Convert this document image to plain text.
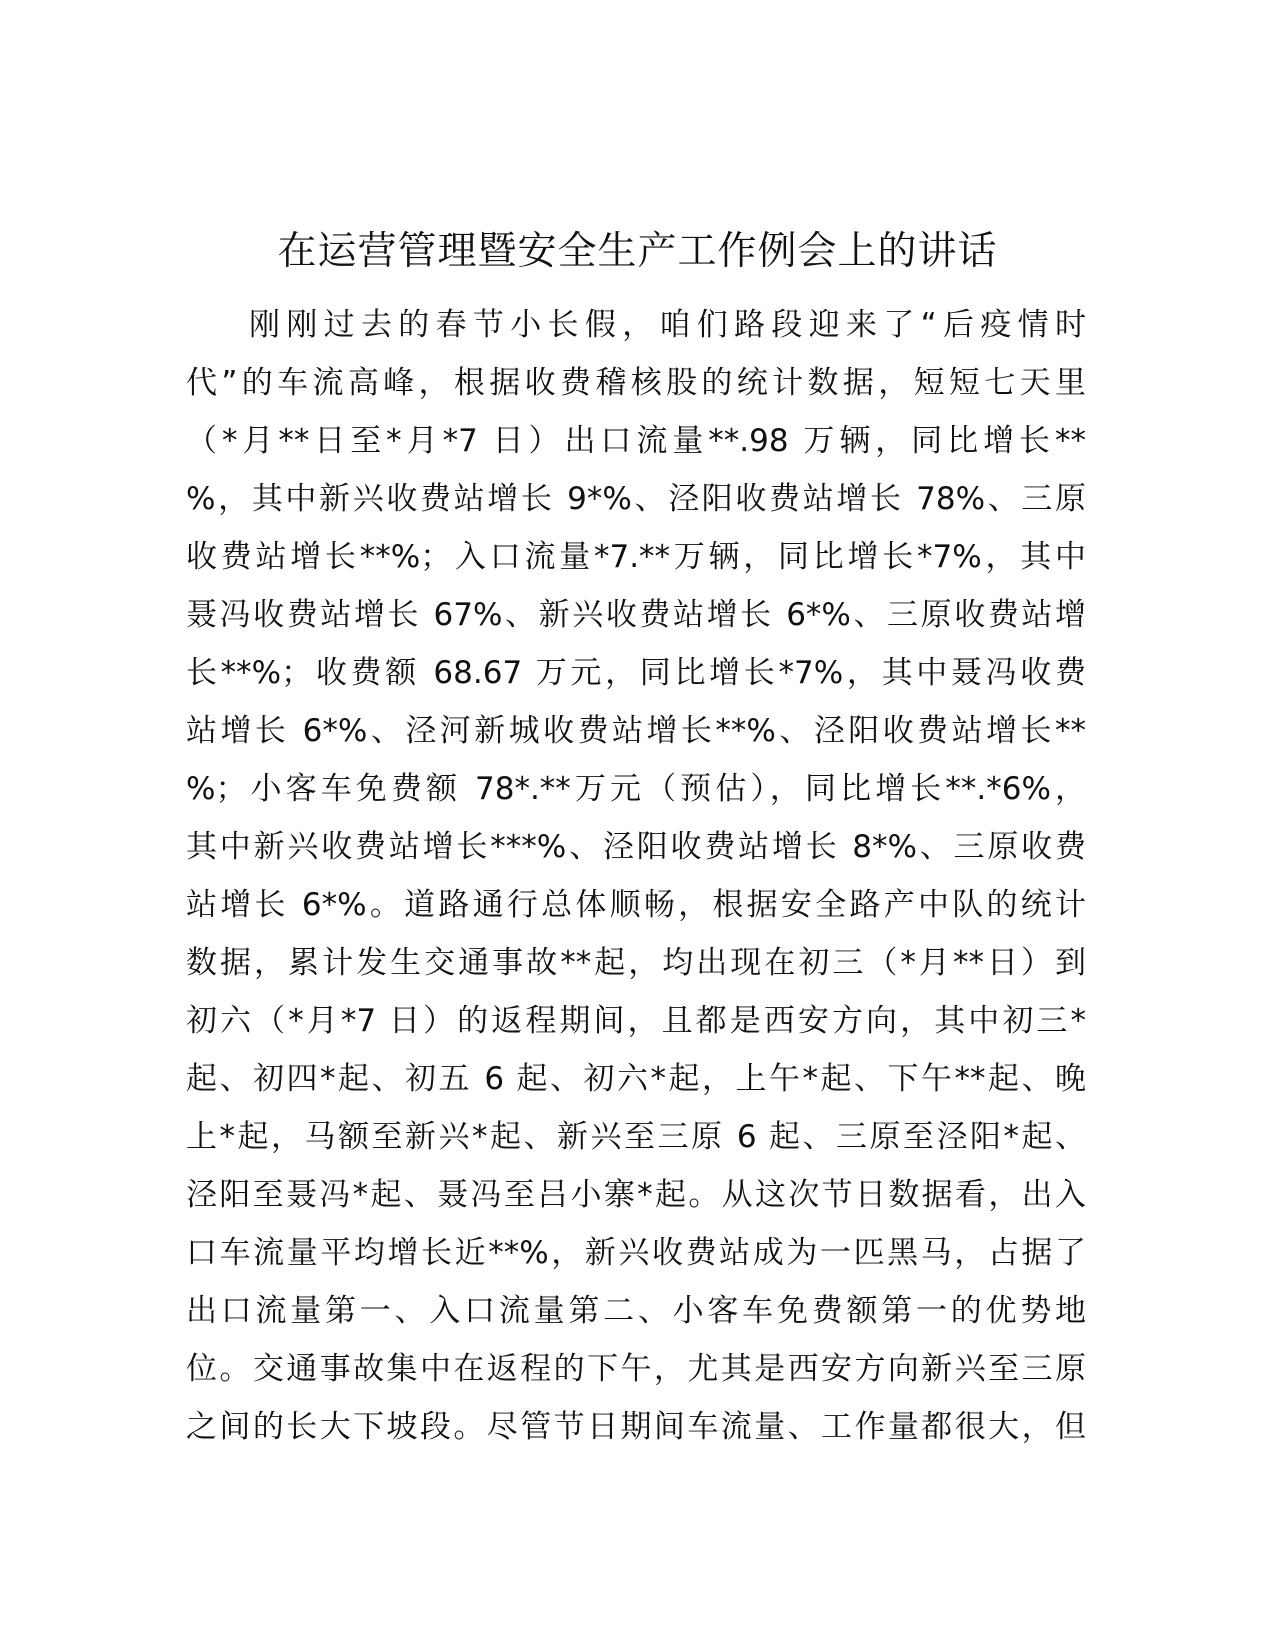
在运营管理暨安全生产工作例会上的讲话
刚刚过去的春节小长假，咱们路段迎来了“后疫情时
代”的车流高峰，根据收费稽核股的统计数据，短短七天里
（*月**日至*月*7 日）出口流量**.98 万辆，同比增长**
%，其中新兴收费站增长 9*%、泾阳收费站增长 78%、三原
收费站增长**%；入口流量*7.**万辆，同比增长*7%，其中
聂冯收费站增长 67%、新兴收费站增长 6*%、三原收费站增
长**%；收费额 68.67 万元，同比增长*7%，其中聂冯收费
站增长 6*%、泾河新城收费站增长**%、泾阳收费站增长**
%；小客车免费额 78*.**万元（预估），同比增长**.*6%，
其中新兴收费站增长***%、泾阳收费站增长 8*%、三原收费
站增长 6*%。道路通行总体顺畅，根据安全路产中队的统计
数据，累计发生交通事故**起，均出现在初三（*月**日）到
初六（*月*7 日）的返程期间，且都是西安方向，其中初三*
起、初四*起、初五 6 起、初六*起，上午*起、下午**起、晚
上*起，马额至新兴*起、新兴至三原 6 起、三原至泾阳*起、
泾阳至聂冯*起、聂冯至吕小寨*起。从这次节日数据看，出入
口车流量平均增长近**%，新兴收费站成为一匹黑马，占据了
出口流量第一、入口流量第二、小客车免费额第一的优势地
位。交通事故集中在返程的下午，尤其是西安方向新兴至三原
之间的长大下坡段。尽管节日期间车流量、工作量都很大，但
